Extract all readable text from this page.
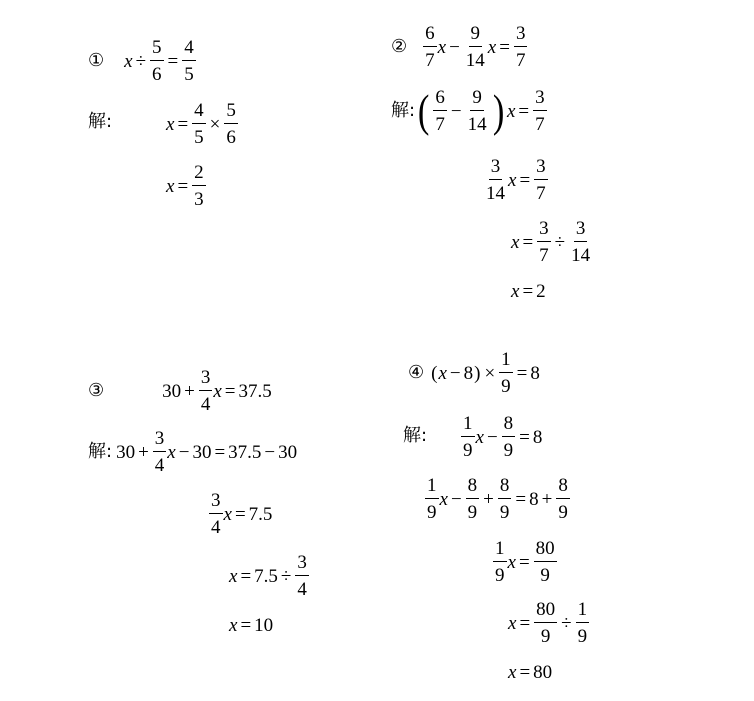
① $x \div \frac{5}{6} = \frac{4}{5}$
解:	$x = \frac{4}{5} \times \frac{5}{6}$
$x = \frac{2}{3}$
② $\frac{6}{7}$ $x - \frac{9}{14}$ $x = \frac{3}{7}$
解: ( $\frac{6}{7} - \frac{9}{14}$ ) $x = \frac{3}{7}$
$\frac{3}{14}$ $x = \frac{3}{7}$
$x = \frac{3}{7} \div \frac{3}{14}$
x = 2
③	$30 + \frac{3}{4}$ x = 37.5
解: $30 + \frac{3}{4}$ x − 30 = 37.5 − 30
$\frac{3}{4}$ x = 7.5
$x = 7.5 \div \frac{3}{4}$
x = 10
④ ( x − 8 ) × $\frac{1}{9} = 8$
解: $\frac{1}{9}$ $x - \frac{8}{9} = 8$
$\frac{1}{9}$ $x - \frac{8}{9} + \frac{8}{9} = 8 + \frac{8}{9}$
$\frac{1}{9}$ $x = \frac{80}{9}$
$x = \frac{80}{9} \div \frac{1}{9}$
x = 80
